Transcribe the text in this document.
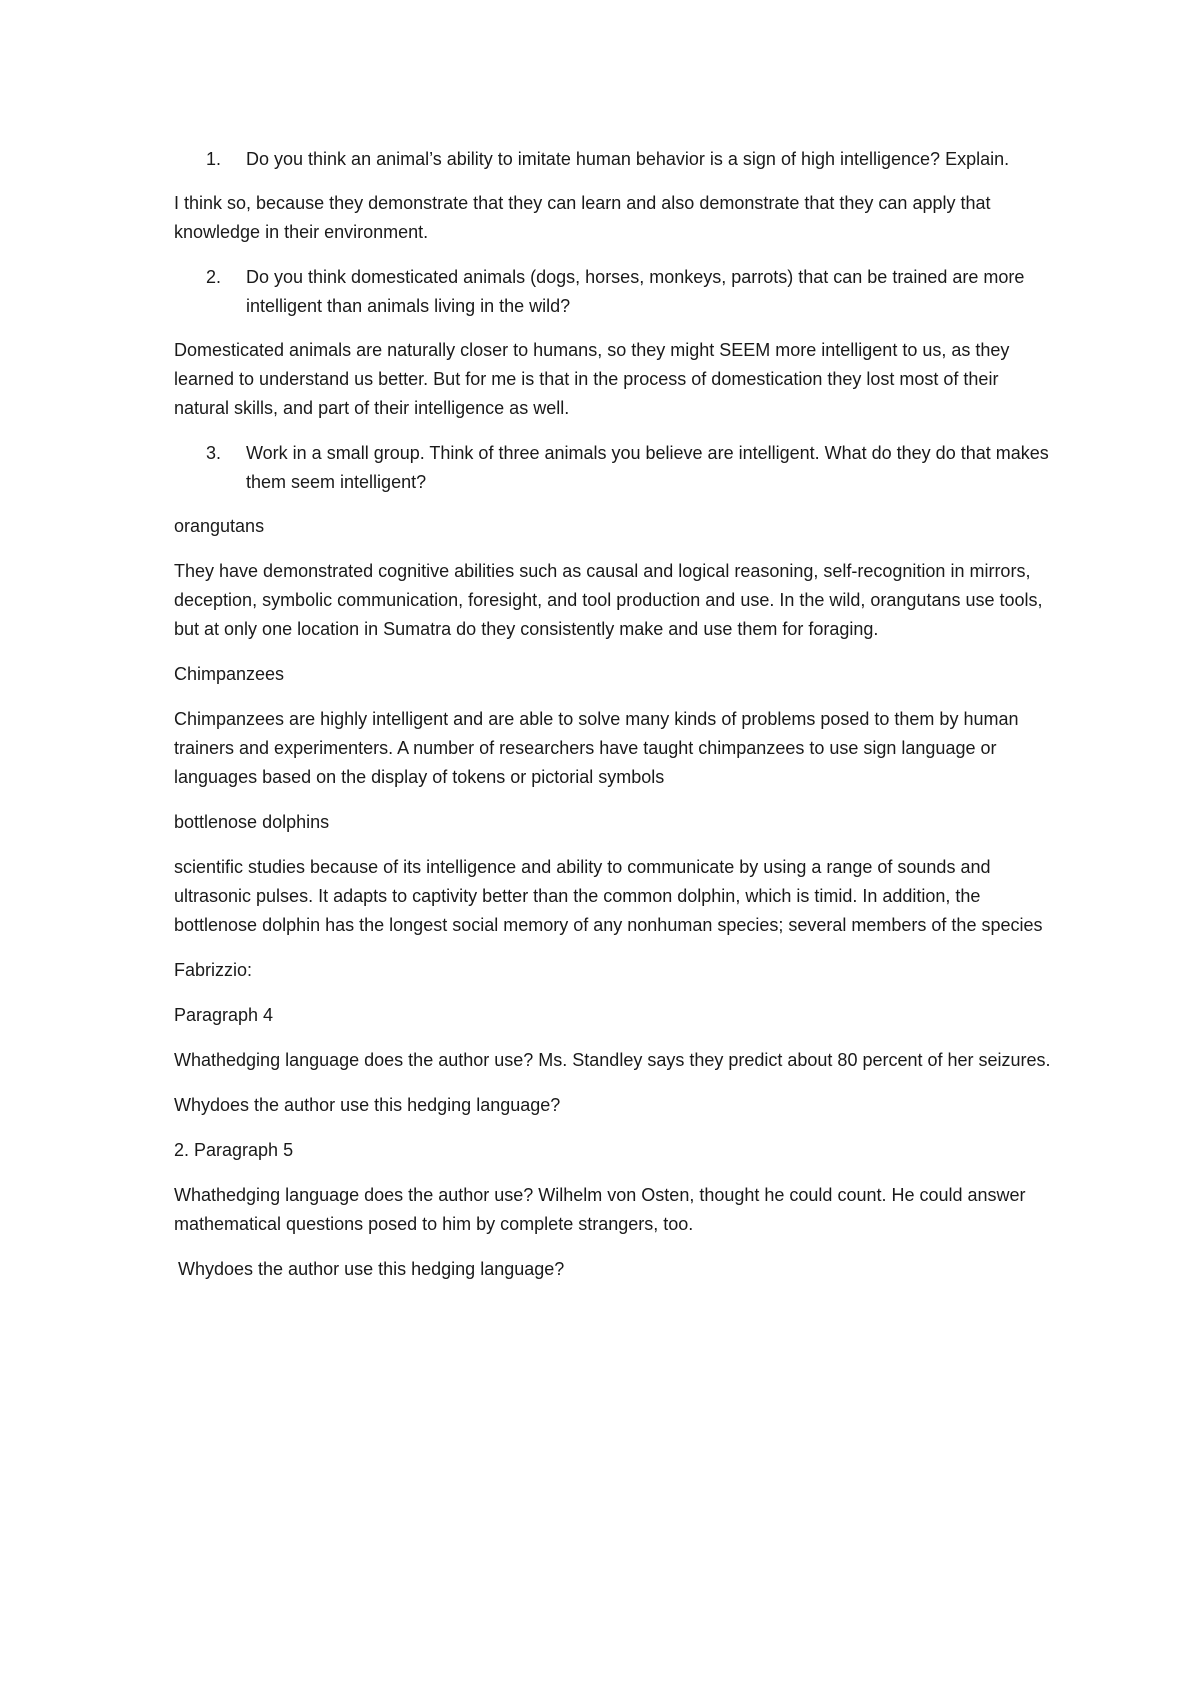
1.	Do you think an animal’s ability to imitate human behavior is a sign of high intelligence? Explain.
I think so, because they demonstrate that they can learn and also demonstrate that they can apply that knowledge in their environment.
2.	Do you think domesticated animals (dogs, horses, monkeys, parrots) that can be trained are more intelligent than animals living in the wild?
Domesticated animals are naturally closer to humans, so they might SEEM more intelligent to us, as they learned to understand us better. But for me is that in the process of domestication they lost most of their natural skills, and part of their intelligence as well.
3.	Work in a small group. Think of three animals you believe are intelligent. What do they do that makes them seem intelligent?
orangutans
They have demonstrated cognitive abilities such as causal and logical reasoning, self-recognition in mirrors, deception, symbolic communication, foresight, and tool production and use. In the wild, orangutans use tools, but at only one location in Sumatra do they consistently make and use them for foraging.
Chimpanzees
Chimpanzees are highly intelligent and are able to solve many kinds of problems posed to them by human trainers and experimenters. A number of researchers have taught chimpanzees to use sign language or languages based on the display of tokens or pictorial symbols
bottlenose dolphins
scientific studies because of its intelligence and ability to communicate by using a range of sounds and ultrasonic pulses. It adapts to captivity better than the common dolphin, which is timid. In addition, the bottlenose dolphin has the longest social memory of any nonhuman species; several members of the species
Fabrizzio:
Paragraph 4
Whathedging language does the author use? Ms. Standley says they predict about 80 percent of her seizures.
Whydoes the author use this hedging language?
2. Paragraph 5
Whathedging language does the author use? Wilhelm von Osten, thought he could count. He could answer mathematical questions posed to him by complete strangers, too.
Whydoes the author use this hedging language?
